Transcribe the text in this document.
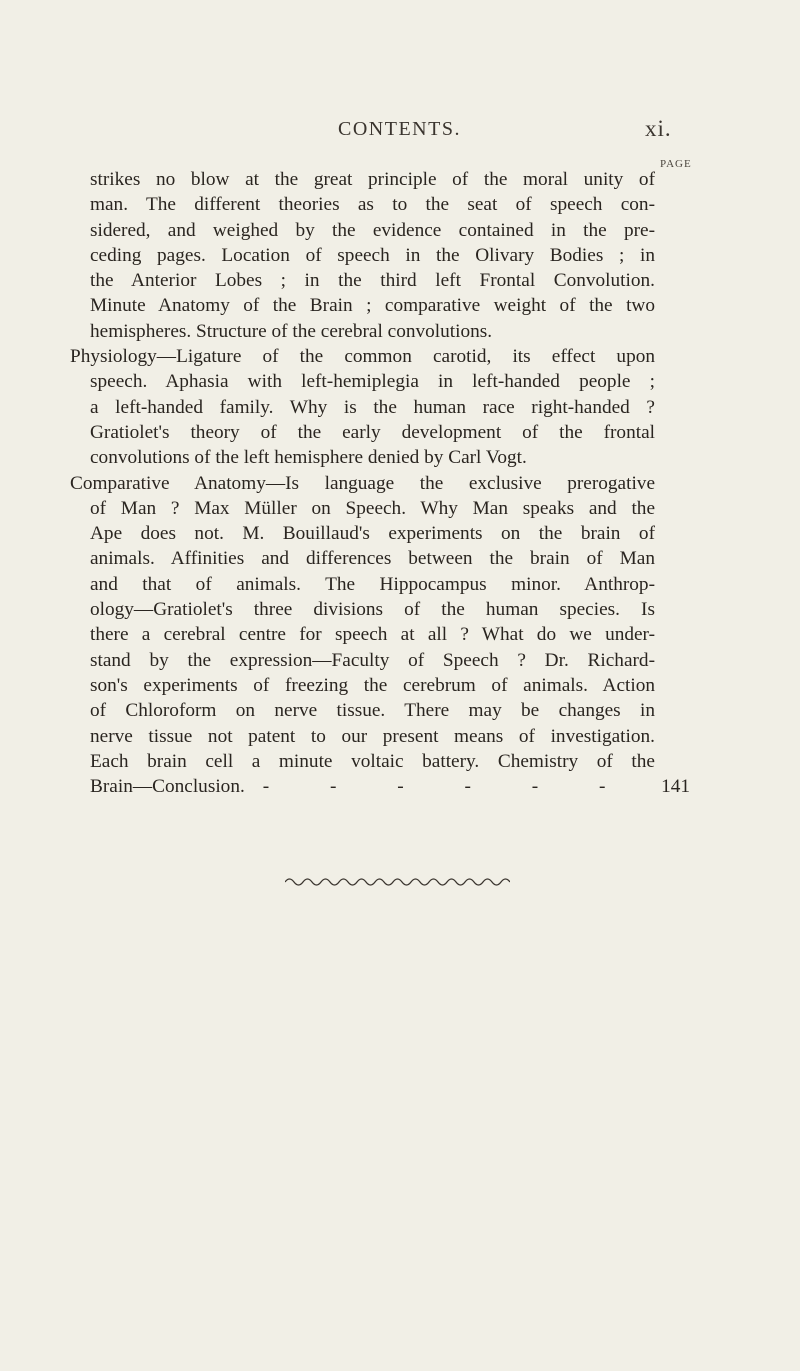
CONTENTS.	xi.
PAGE
strikes no blow at the great principle of the moral unity of
man. The different theories as to the seat of speech con-
sidered, and weighed by the evidence contained in the pre-
ceding pages. Location of speech in the Olivary Bodies ; in
the Anterior Lobes ; in the third left Frontal Convolution.
Minute Anatomy of the Brain ; comparative weight of the two
hemispheres. Structure of the cerebral convolutions.
Physiology—Ligature of the common carotid, its effect upon
speech. Aphasia with left-hemiplegia in left-handed people ;
a left-handed family. Why is the human race right-handed ?
Gratiolet's theory of the early development of the frontal
convolutions of the left hemisphere denied by Carl Vogt.
Comparative Anatomy—Is language the exclusive prerogative
of Man ? Max Müller on Speech. Why Man speaks and the
Ape does not. M. Bouillaud's experiments on the brain of
animals. Affinities and differences between the brain of Man
and that of animals. The Hippocampus minor. Anthrop-
ology—Gratiolet's three divisions of the human species. Is
there a cerebral centre for speech at all ? What do we under-
stand by the expression—Faculty of Speech ? Dr. Richard-
son's experiments of freezing the cerebrum of animals. Action
of Chloroform on nerve tissue. There may be changes in
nerve tissue not patent to our present means of investigation.
Each brain cell a minute voltaic battery. Chemistry of the
Brain—Conclusion. - - - - - - 141
